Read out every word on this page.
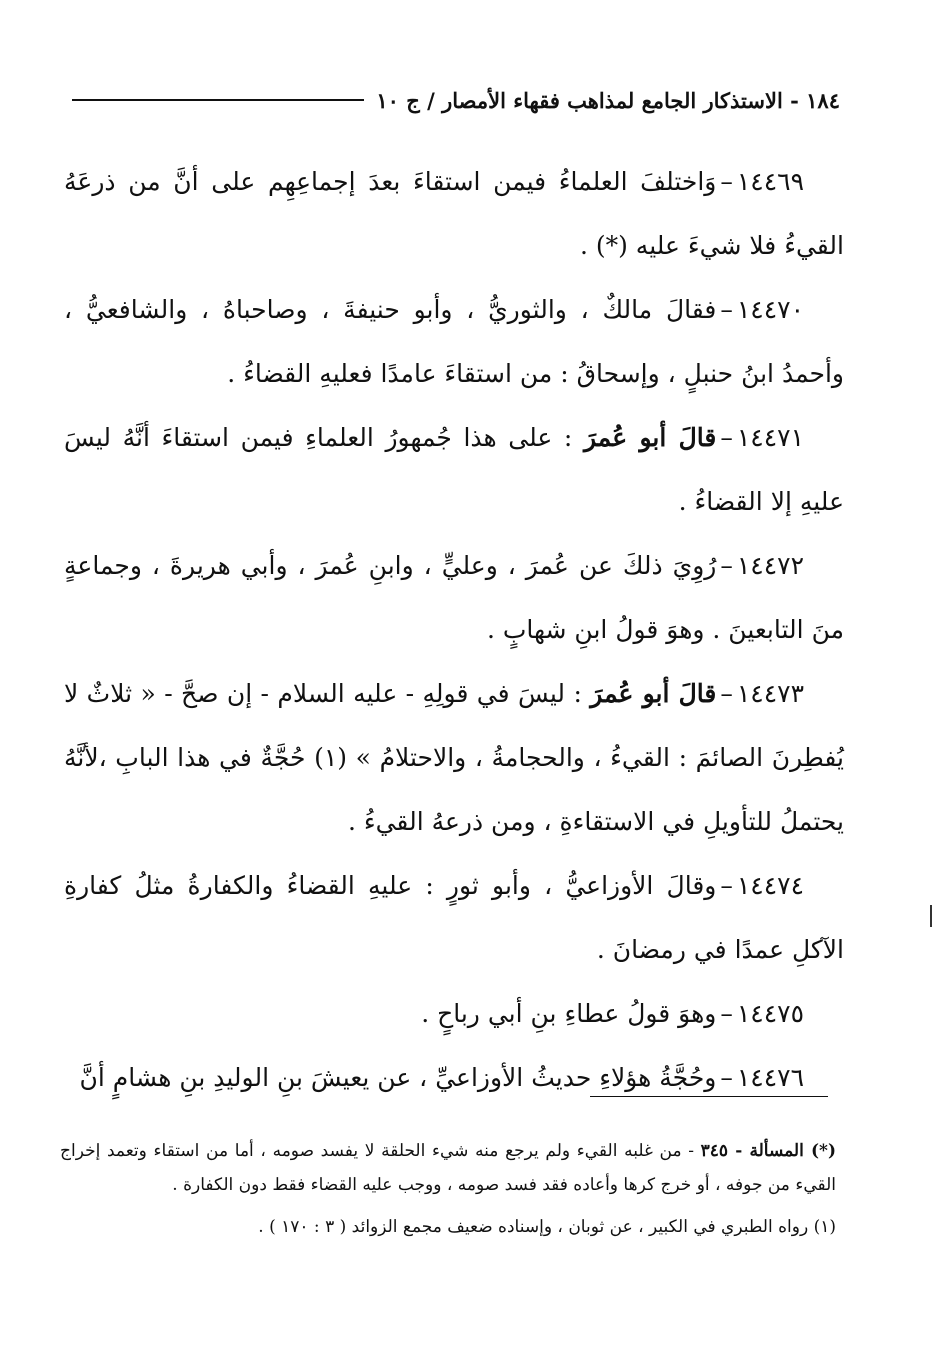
١٨٤ - الاستذكار الجامع لمذاهب فقهاء الأمصار / ج ١٠

١٤٤٦٩–وَاختلفَ العلماءُ فيمن استقاءَ بعدَ إجماعِهِم على أنَّ من ذرعَهُ القيءُ فلا شيءَ عليه (*) .

١٤٤٧٠–فقالَ مالكٌ ، والثوريُّ ، وأبو حنيفةَ ، وصاحباهُ ، والشافعيُّ ، وأحمدُ ابنُ حنبلٍ ، وإسحاقُ : من استقاءَ عامدًا فعليهِ القضاءُ .

١٤٤٧١–قالَ أبو عُمرَ : على هذا جُمهورُ العلماءِ فيمن استقاءَ أنَّهُ ليسَ عليهِ إلا القضاءُ .

١٤٤٧٢–رُوِيَ ذلكَ عن عُمرَ ، وعليٍّ ، وابنِ عُمرَ ، وأبي هريرةَ ، وجماعةٍ منَ التابعينَ . وهوَ قولُ ابنِ شهابٍ .

١٤٤٧٣–قالَ أبو عُمرَ : ليسَ في قولِهِ - عليه السلام - إن صحَّ - « ثلاثٌ لا يُفطِرنَ الصائمَ : القيءُ ، والحجامةُ ، والاحتلامُ » (١) حُجَّةٌ في هذا البابِ ،لأنَّهُ يحتملُ للتأويلِ في الاستقاءةِ ، ومن ذرعهُ القيءُ .

١٤٤٧٤–وقالَ الأوزاعيُّ ، وأبو ثورٍ : عليهِ القضاءُ والكفارةُ مثلُ كفارةِ الآكلِ عمدًا في رمضانَ .

١٤٤٧٥–وهوَ قولُ عطاءِ بنِ أبي رباحٍ .

١٤٤٧٦–وحُجَّةُ هؤلاءِ حديثُ الأوزاعيِّ ، عن يعيشَ بنِ الوليدِ بنِ هشامٍ أنَّ

(*) المسألة - ٣٤٥ - من غلبه القيء ولم يرجع منه شيء الحلقة لا يفسد صومه ، أما من استقاء وتعمد إخراج القيء من جوفه ، أو خرج كرها وأعاده فقد فسد صومه ، ووجب عليه القضاء فقط دون الكفارة .

(١) رواه الطبري في الكبير ، عن ثوبان ، وإسناده ضعيف مجمع الزوائد ( ٣ : ١٧٠ ) .
